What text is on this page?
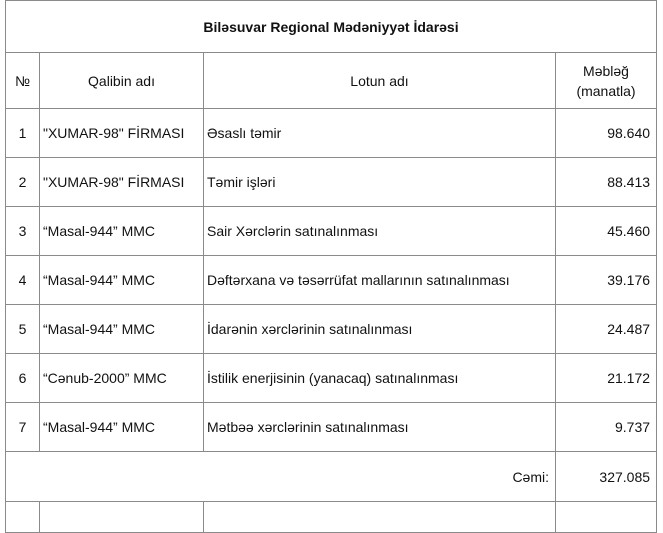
Biləsuvar Regional Mədəniyyət İdarəsi			
№	Qalibin adı	Lotun adı	Məbləğ
(manatla)
1	"XUMAR-98" FİRMASI	Əsaslı təmir	98.640
2	"XUMAR-98" FİRMASI	Təmir işləri	88.413
3	“Masal-944” MMC	Sair Xərclərin satınalınması	45.460
4	“Masal-944” MMC	Dəftərxana və təsərrüfat mallarının satınalınması	39.176
5	“Masal-944” MMC	İdarənin xərclərinin satınalınması	24.487
6	“Cənub-2000” MMC	İstilik enerjisinin (yanacaq) satınalınması	21.172
7	“Masal-944” MMC	Mətbəə xərclərinin satınalınması	9.737
Cəmi:			327.085
